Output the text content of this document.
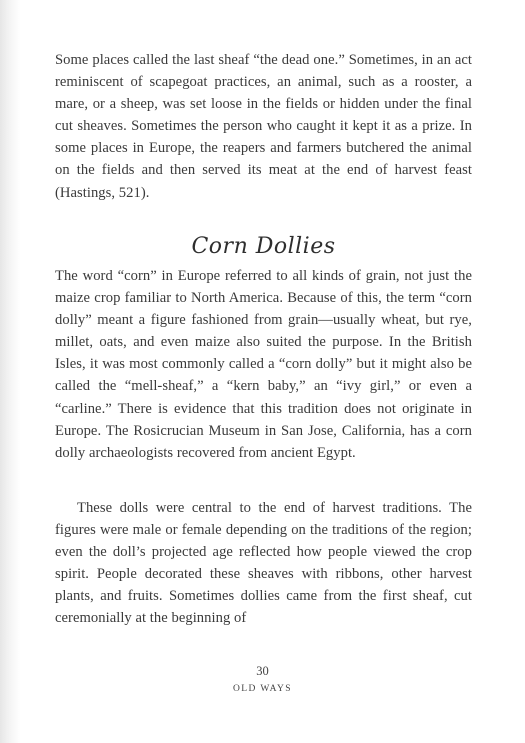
Some places called the last sheaf “the dead one.” Sometimes, in an act reminiscent of scapegoat practices, an animal, such as a rooster, a mare, or a sheep, was set loose in the fields or hidden under the final cut sheaves. Sometimes the person who caught it kept it as a prize. In some places in Europe, the reapers and farmers butchered the animal on the fields and then served its meat at the end of harvest feast (Hastings, 521).

Corn Dollies

The word “corn” in Europe referred to all kinds of grain, not just the maize crop familiar to North America. Because of this, the term “corn dolly” meant a figure fashioned from grain—usually wheat, but rye, millet, oats, and even maize also suited the purpose. In the British Isles, it was most commonly called a “corn dolly” but it might also be called the “mell-sheaf,” a “kern baby,” an “ivy girl,” or even a “carline.” There is evidence that this tradition does not originate in Europe. The Rosicrucian Museum in San Jose, California, has a corn dolly archaeologists recovered from ancient Egypt.

These dolls were central to the end of harvest traditions. The figures were male or female depending on the traditions of the region; even the doll’s projected age reflected how people viewed the crop spirit. People decorated these sheaves with ribbons, other harvest plants, and fruits. Sometimes dollies came from the first sheaf, cut ceremonially at the beginning of

30
OLD WAYS
